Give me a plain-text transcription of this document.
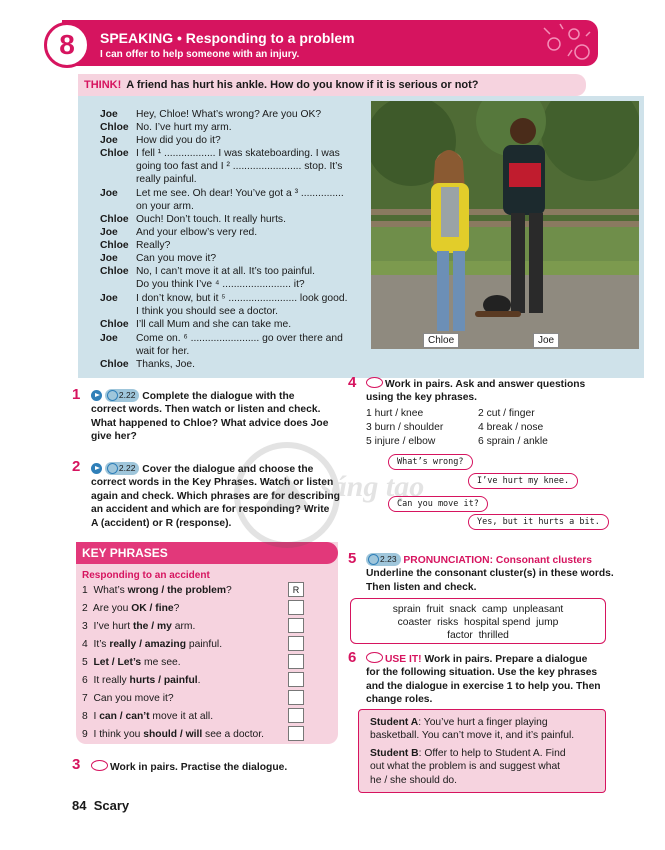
8 SPEAKING • Responding to a problem
I can offer to help someone with an injury.
THINK! A friend has hurt his ankle. How do you know if it is serious or not?
Joe Hey, Chloe! What’s wrong? Are you OK?
Chloe No. I’ve hurt my arm.
Joe How did you do it?
Chloe I fell ¹ .................. I was skateboarding. I was
going too fast and I ² ........................ stop. It’s
really painful.
Joe Let me see. Oh dear! You’ve got a ³ ...............
on your arm.
Chloe Ouch! Don’t touch. It really hurts.
Joe And your elbow’s very red.
Chloe Really?
Joe Can you move it?
Chloe No, I can’t move it at all. It’s too painful.
Do you think I’ve ⁴ ........................ it?
Joe I don’t know, but it ⁵ ........................ look good.
I think you should see a doctor.
Chloe I’ll call Mum and she can take me.
Joe Come on. ⁶ ........................ go over there and
wait for her.
Chloe Thanks, Joe.
Chloe	Joe
1	2.22 Complete the dialogue with the
correct words. Then watch or listen and check.
What happened to Chloe? What advice does Joe
give her?
2	2.22 Cover the dialogue and choose the
correct words in the Key Phrases. Watch or listen
again and check. Which phrases are for describing
an accident and which are for responding? Write
A (accident) or R (response).
KEY PHRASES
Responding to an accident
1 What’s wrong / the problem?	R
2 Are you OK / fine?
3 I’ve hurt the / my arm.
4 It’s really / amazing painful.
5 Let / Let’s me see.
6 It really hurts / painful.
7 Can you move it?
8 I can / can’t move it at all.
9 I think you should / will see a doctor.
3	Work in pairs. Practise the dialogue.
4	Work in pairs. Ask and answer questions
using the key phrases.
1 hurt / knee	2 cut / finger
3 burn / shoulder	4 break / nose
5 injure / elbow	6 sprain / ankle
What’s wrong?
I’ve hurt my knee.
Can you move it?
Yes, but it hurts a bit.
5	2.23 PRONUNCIATION: Consonant clusters
Underline the consonant cluster(s) in these words.
Then listen and check.
sprain  fruit  snack  camp  unpleasant
coaster  risks  hospital spend  jump
factor  thrilled
6	USE IT! Work in pairs. Prepare a dialogue
for the following situation. Use the key phrases
and the dialogue in exercise 1 to help you. Then
change roles.
Student A: You’ve hurt a finger playing
basketball. You can’t move it, and it’s painful.
Student B: Offer to help to Student A. Find
out what the problem is and suggest what
he / she should do.
sáng tạo
84 Scary
